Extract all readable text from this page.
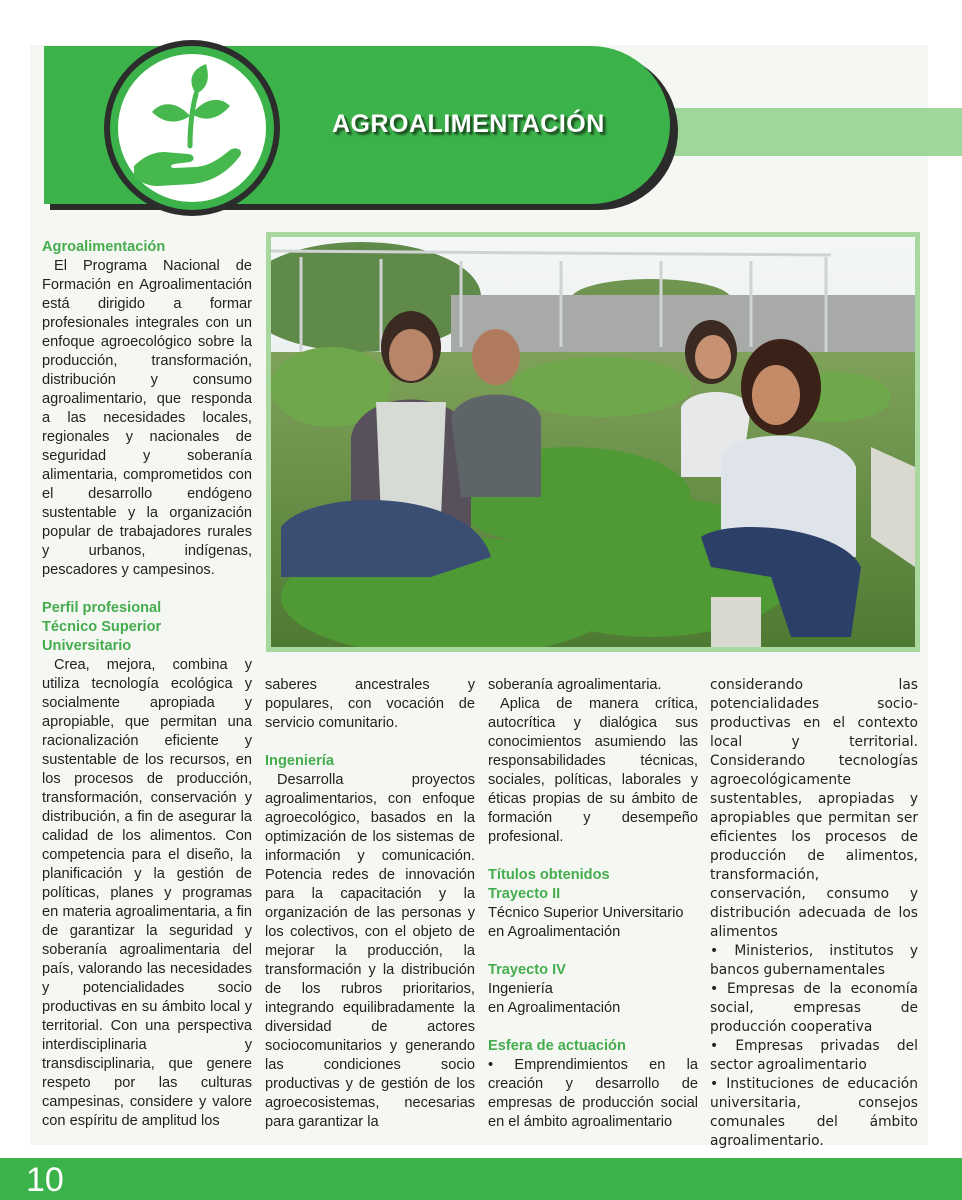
AGROALIMENTACIÓN

Agroalimentación

El Programa Nacional de Formación en Agroalimentación está dirigido a formar profesionales integrales con un enfoque agroecológico sobre la producción, transformación, distribución y consumo agroalimentario, que responda a las necesidades locales, regionales y nacionales de seguridad y soberanía alimentaria, comprometidos con el desarrollo endógeno sustentable y la organización popular de trabajadores rurales y urbanos, indígenas, pescadores y campesinos.

Perfil profesional

Técnico Superior

Universitario

Crea, mejora, combina y utiliza tecnología ecológica y socialmente apropiada y apropiable, que permitan una racionalización eficiente y sustentable de los recursos, en los procesos de producción, transformación, conservación y distribución, a fin de asegurar la calidad de los alimentos. Con competencia para el diseño, la planificación y la gestión de políticas, planes y programas en materia agroalimentaria, a fin de garantizar la seguridad y soberanía agroalimentaria del país, valorando las necesidades y potencialidades socio productivas en su ámbito local y territorial. Con una perspectiva interdisciplinaria y transdisciplinaria, que genere respeto por las culturas campesinas, considere y valore con espíritu de amplitud los

saberes ancestrales y populares, con vocación de servicio comunitario.

Ingeniería

Desarrolla proyectos agroalimentarios, con enfoque agroecológico, basados en la optimización de los sistemas de información y comunicación. Potencia redes de innovación para la capacitación y la organización de las personas y los colectivos, con el objeto de mejorar la producción, la transformación y la distribución de los rubros prioritarios, integrando equilibradamente la diversidad de actores sociocomunitarios y generando las condiciones socio productivas y de gestión de los agroecosistemas, necesarias para garantizar la

soberanía agroalimentaria.

Aplica de manera crítica, autocrítica y dialógica sus conocimientos asumiendo las responsabilidades técnicas, sociales, políticas, laborales y éticas propias de su ámbito de formación y desempeño profesional.

Títulos obtenidos

Trayecto II

Técnico Superior Universitario

en Agroalimentación

Trayecto IV

Ingeniería

en Agroalimentación

Esfera de actuación

• Emprendimientos en la creación y desarrollo de empresas de producción social en el ámbito agroalimentario

considerando las potencialidades socio-productivas en el contexto local y territorial. Considerando tecnologías agroecológicamente sustentables, apropiadas y apropiables que permitan ser eficientes los procesos de producción de alimentos, transformación, conservación, consumo y distribución adecuada de los alimentos

• Ministerios, institutos y bancos gubernamentales

• Empresas de la economía social, empresas de producción cooperativa

• Empresas privadas del sector agroalimentario

• Instituciones de educación universitaria, consejos comunales del ámbito agroalimentario.

10
